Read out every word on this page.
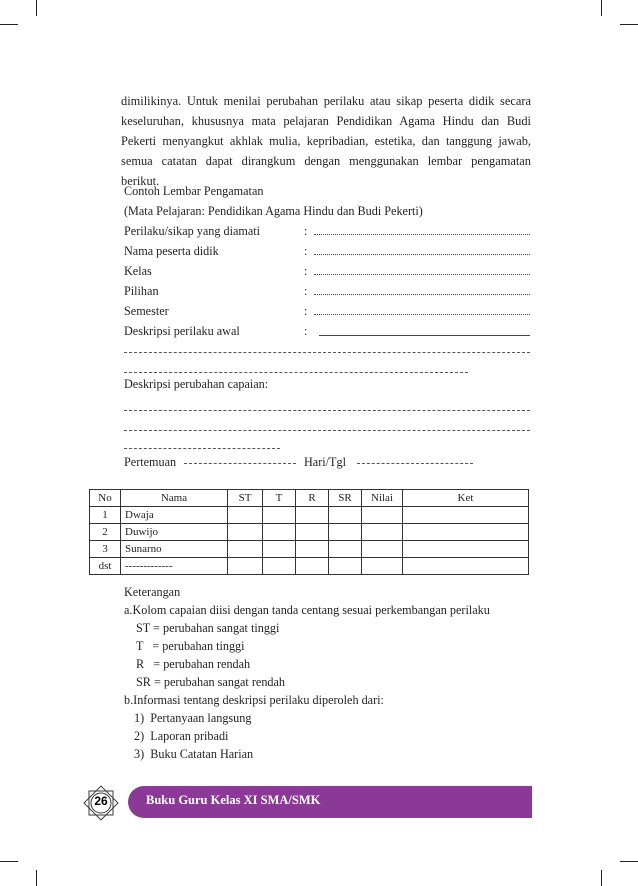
dimilikinya. Untuk menilai perubahan perilaku atau sikap peserta didik secara
keseluruhan, khususnya mata pelajaran Pendidikan Agama Hindu dan Budi
Pekerti menyangkut akhlak mulia, kepribadian, estetika, dan tanggung jawab,
semua catatan dapat dirangkum dengan menggunakan lembar pengamatan
berikut.
Contoh Lembar Pengamatan
(Mata Pelajaran: Pendidikan Agama Hindu dan Budi Pekerti)
Perilaku/sikap yang diamati	:
Nama peserta didik	:
Kelas	:
Pilihan	:
Semester	:
Deskripsi perilaku awal	:
Deskripsi perubahan capaian:
Pertemuan	Hari/Tgl
No	Nama	ST	T	R	SR	Nilai	Ket
1	Dwaja						
2	Duwijo						
3	Sunarno						
dst	-------------						
Keterangan
a.Kolom capaian diisi dengan tanda centang sesuai perkembangan perilaku
ST = perubahan sangat tinggi
T   = perubahan tinggi
R   = perubahan rendah
SR = perubahan sangat rendah
b.Informasi tentang deskripsi perilaku diperoleh dari:
1)  Pertanyaan langsung
2)  Laporan pribadi
3)  Buku Catatan Harian
26	Buku Guru Kelas XI SMA/SMK
